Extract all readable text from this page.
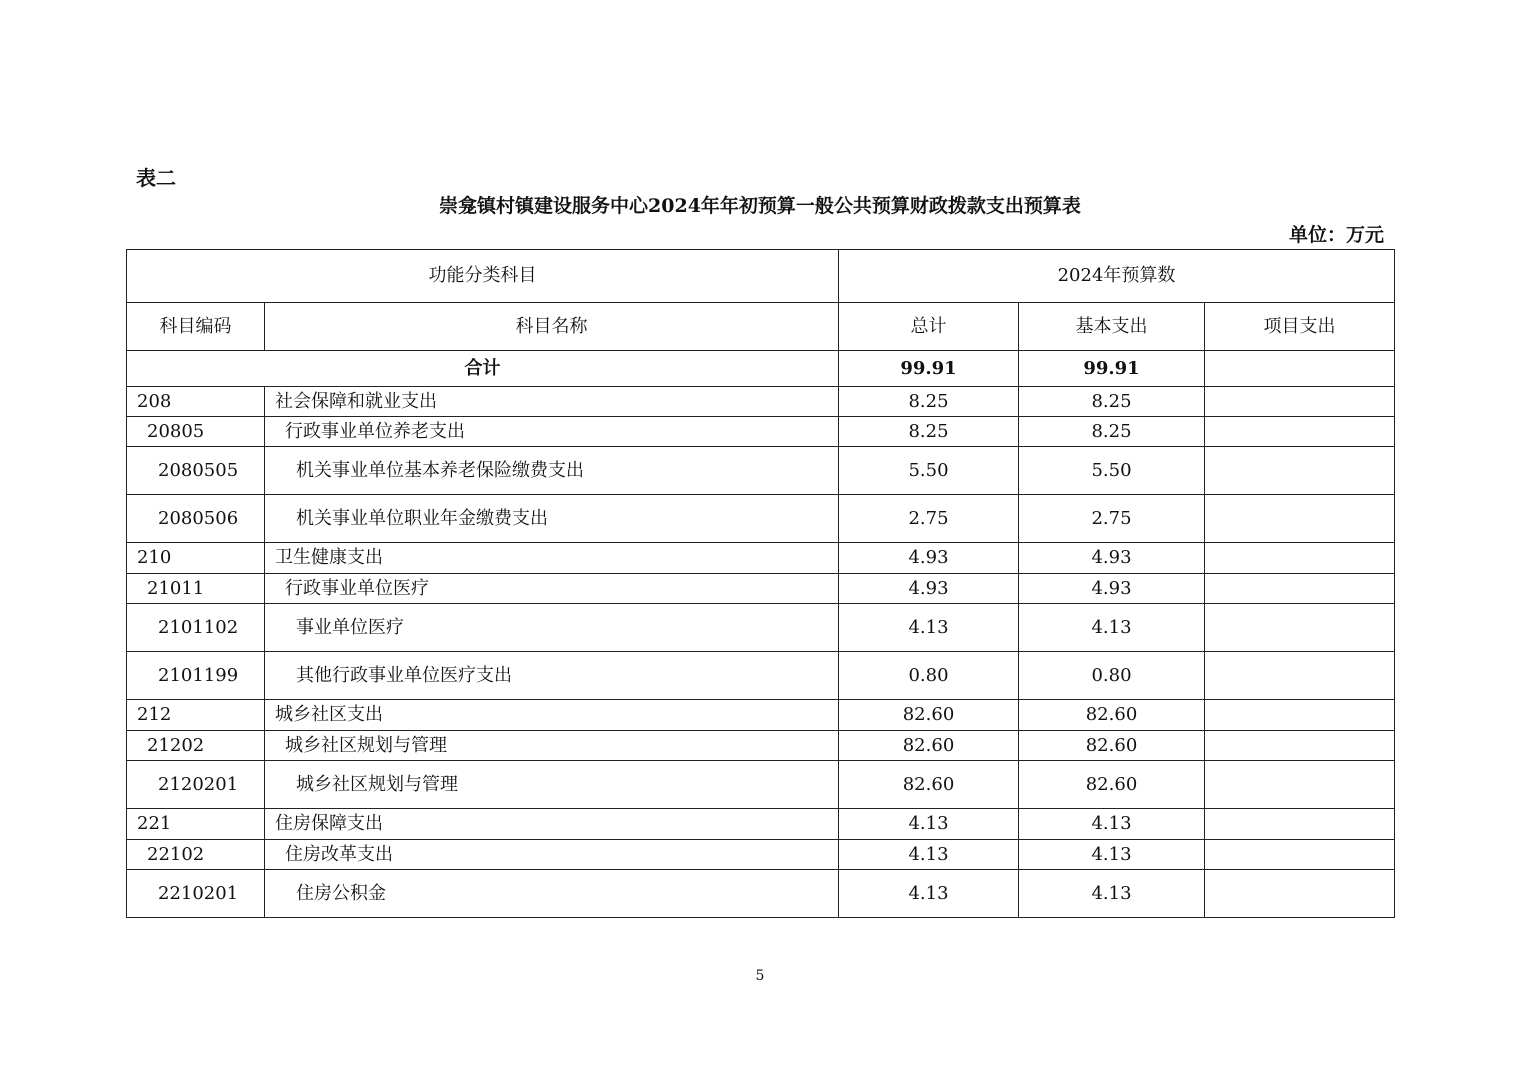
表二
崇龛镇村镇建设服务中心2024年年初预算一般公共预算财政拨款支出预算表
单位：万元
功能分类科目		2024年预算数		
科目编码	科目名称	总计	基本支出	项目支出
合计		99.91	99.91	
208	社会保障和就业支出	8.25	8.25	
20805	行政事业单位养老支出	8.25	8.25	
2080505	机关事业单位基本养老保险缴费支出	5.50	5.50	
2080506	机关事业单位职业年金缴费支出	2.75	2.75	
210	卫生健康支出	4.93	4.93	
21011	行政事业单位医疗	4.93	4.93	
2101102	事业单位医疗	4.13	4.13	
2101199	其他行政事业单位医疗支出	0.80	0.80	
212	城乡社区支出	82.60	82.60	
21202	城乡社区规划与管理	82.60	82.60	
2120201	城乡社区规划与管理	82.60	82.60	
221	住房保障支出	4.13	4.13	
22102	住房改革支出	4.13	4.13	
2210201	住房公积金	4.13	4.13	
5
